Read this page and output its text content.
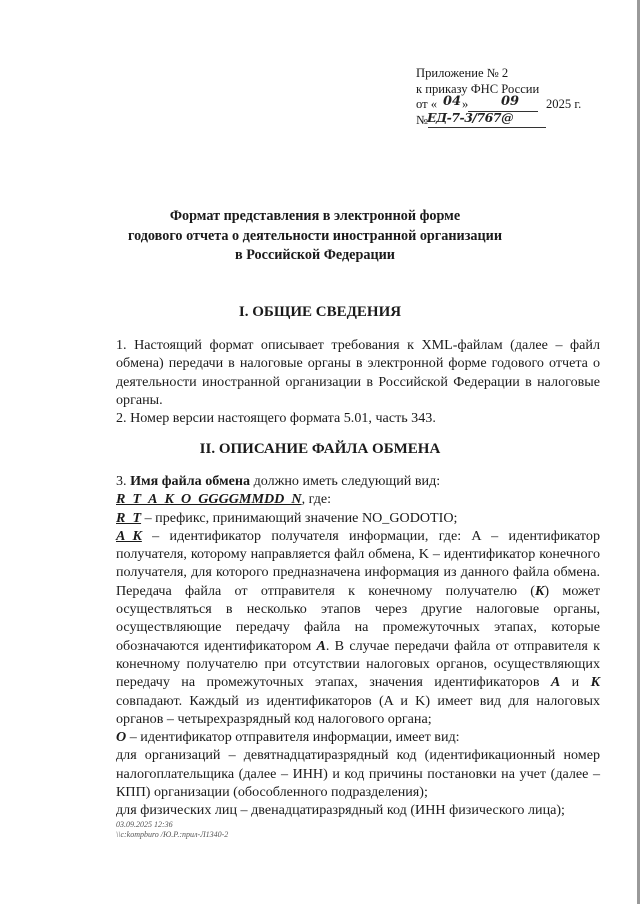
Приложение № 2
к приказу ФНС России
от « 04 »	09 2025 г.
№
ЕД-7-3/767@
Формат представления в электронной форме
годового отчета о деятельности иностранной организации
в Российской Федерации
I. ОБЩИЕ СВЕДЕНИЯ

1. Настоящий формат описывает требования к XML-файлам (далее – файл обмена) передачи в налоговые органы в электронной форме годового отчета о деятельности иностранной организации в Российской Федерации в налоговые органы.

2. Номер версии настоящего формата 5.01, часть 343.

II. ОПИСАНИЕ ФАЙЛА ОБМЕНА

3. Имя файла обмена должно иметь следующий вид:

R_T_A_K_O_GGGGMMDD_N, где:

R_T – префикс, принимающий значение NO_GODOTIO;

A_K – идентификатор получателя информации, где: A – идентификатор получателя, которому направляется файл обмена, K – идентификатор конечного получателя, для которого предназначена информация из данного файла обмена. Передача файла от отправителя к конечному получателю (K) может осуществляться в несколько этапов через другие налоговые органы, осуществляющие передачу файла на промежуточных этапах, которые обозначаются идентификатором A. В случае передачи файла от отправителя к конечному получателю при отсутствии налоговых органов, осуществляющих передачу на промежуточных этапах, значения идентификаторов A и K совпадают. Каждый из идентификаторов (A и K) имеет вид для налоговых органов – четырехразрядный код налогового органа;

O – идентификатор отправителя информации, имеет вид:

для организаций – девятнадцатиразрядный код (идентификационный номер налогоплательщика (далее – ИНН) и код причины постановки на учет (далее – КПП) организации (обособленного подразделения);

для физических лиц – двенадцатиразрядный код (ИНН физического лица);

03.09.2025 12:36
\\c:kompburo /Ю.Р.:прил-Л1340-2
